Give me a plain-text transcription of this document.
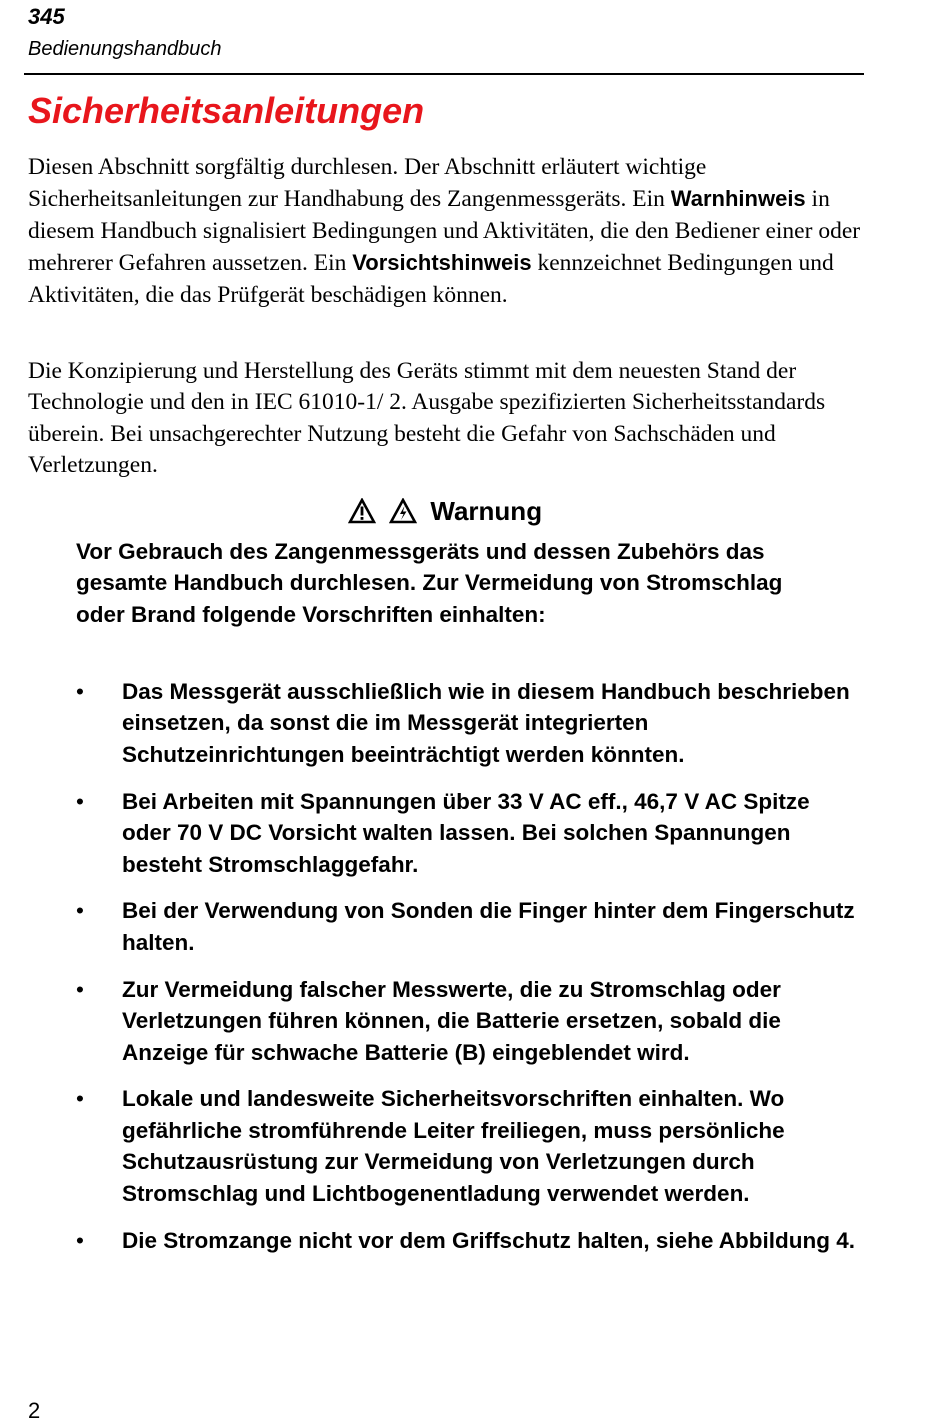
345
Bedienungshandbuch
Sicherheitsanleitungen

Diesen Abschnitt sorgfältig durchlesen. Der Abschnitt erläutert wichtige Sicherheitsanleitungen zur Handhabung des Zangenmessgeräts. Ein Warnhinweis in diesem Handbuch signalisiert Bedingungen und Aktivitäten, die den Bediener einer oder mehrerer Gefahren aussetzen. Ein Vorsichtshinweis kennzeichnet Bedingungen und Aktivitäten, die das Prüfgerät beschädigen können.

Die Konzipierung und Herstellung des Geräts stimmt mit dem neuesten Stand der Technologie und den in IEC 61010-1/ 2. Ausgabe spezifizierten Sicherheitsstandards überein. Bei unsachgerechter Nutzung besteht die Gefahr von Sachschäden und Verletzungen.

Warnung

Vor Gebrauch des Zangenmessgeräts und dessen Zubehörs das gesamte Handbuch durchlesen. Zur Vermeidung von Stromschlag oder Brand folgende Vorschriften einhalten:

• Das Messgerät ausschließlich wie in diesem Handbuch beschrieben einsetzen, da sonst die im Messgerät integrierten Schutzeinrichtungen beeinträchtigt werden könnten.
• Bei Arbeiten mit Spannungen über 33 V AC eff., 46,7 V AC Spitze oder 70 V DC Vorsicht walten lassen. Bei solchen Spannungen besteht Stromschlaggefahr.
• Bei der Verwendung von Sonden die Finger hinter dem Fingerschutz halten.
• Zur Vermeidung falscher Messwerte, die zu Stromschlag oder Verletzungen führen können, die Batterie ersetzen, sobald die Anzeige für schwache Batterie (B) eingeblendet wird.
• Lokale und landesweite Sicherheitsvorschriften einhalten. Wo gefährliche stromführende Leiter freiliegen, muss persönliche Schutzausrüstung zur Vermeidung von Verletzungen durch Stromschlag und Lichtbogenentladung verwendet werden.
• Die Stromzange nicht vor dem Griffschutz halten, siehe Abbildung 4.
2
